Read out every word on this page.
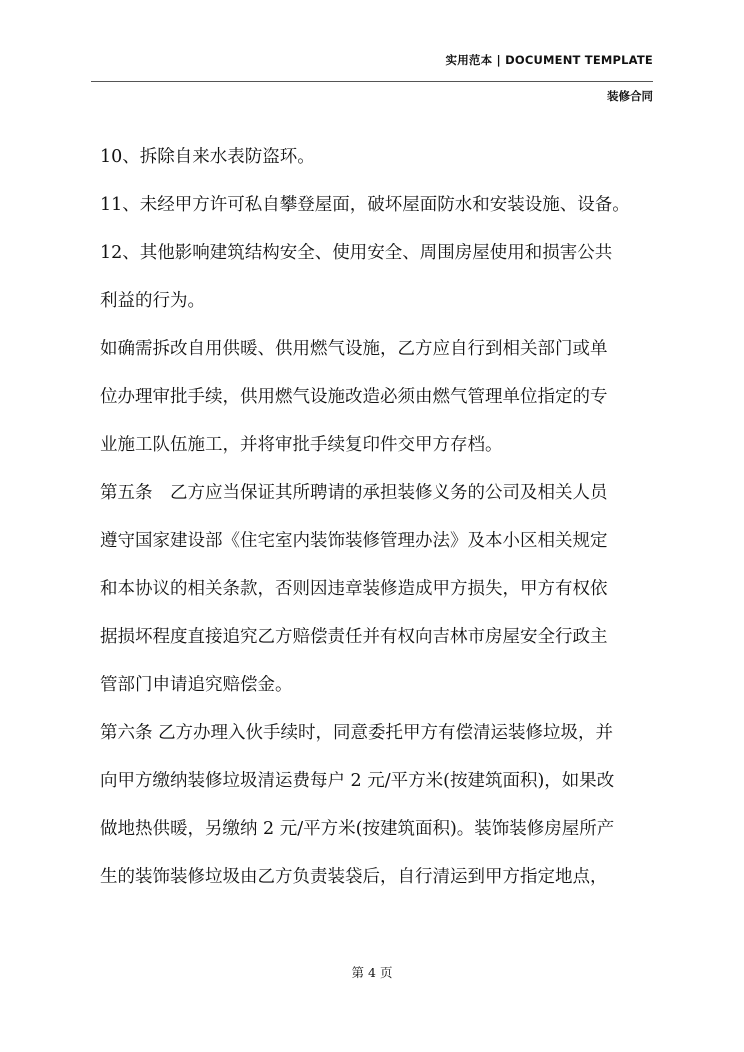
实用范本 | DOCUMENT TEMPLATE
装修合同
10、拆除自来水表防盗环。
11、未经甲方许可私自攀登屋面，破坏屋面防水和安装设施、设备。
12、其他影响建筑结构安全、使用安全、周围房屋使用和损害公共
利益的行为。
如确需拆改自用供暖、供用燃气设施，乙方应自行到相关部门或单
位办理审批手续，供用燃气设施改造必须由燃气管理单位指定的专
业施工队伍施工，并将审批手续复印件交甲方存档。
第五条　乙方应当保证其所聘请的承担装修义务的公司及相关人员
遵守国家建设部《住宅室内装饰装修管理办法》及本小区相关规定
和本协议的相关条款，否则因违章装修造成甲方损失，甲方有权依
据损坏程度直接追究乙方赔偿责任并有权向吉林市房屋安全行政主
管部门申请追究赔偿金。
第六条 乙方办理入伙手续时，同意委托甲方有偿清运装修垃圾，并
向甲方缴纳装修垃圾清运费每户 2 元/平方米(按建筑面积)，如果改
做地热供暖，另缴纳 2 元/平方米(按建筑面积)。装饰装修房屋所产
生的装饰装修垃圾由乙方负责装袋后，自行清运到甲方指定地点，
第 4 页
